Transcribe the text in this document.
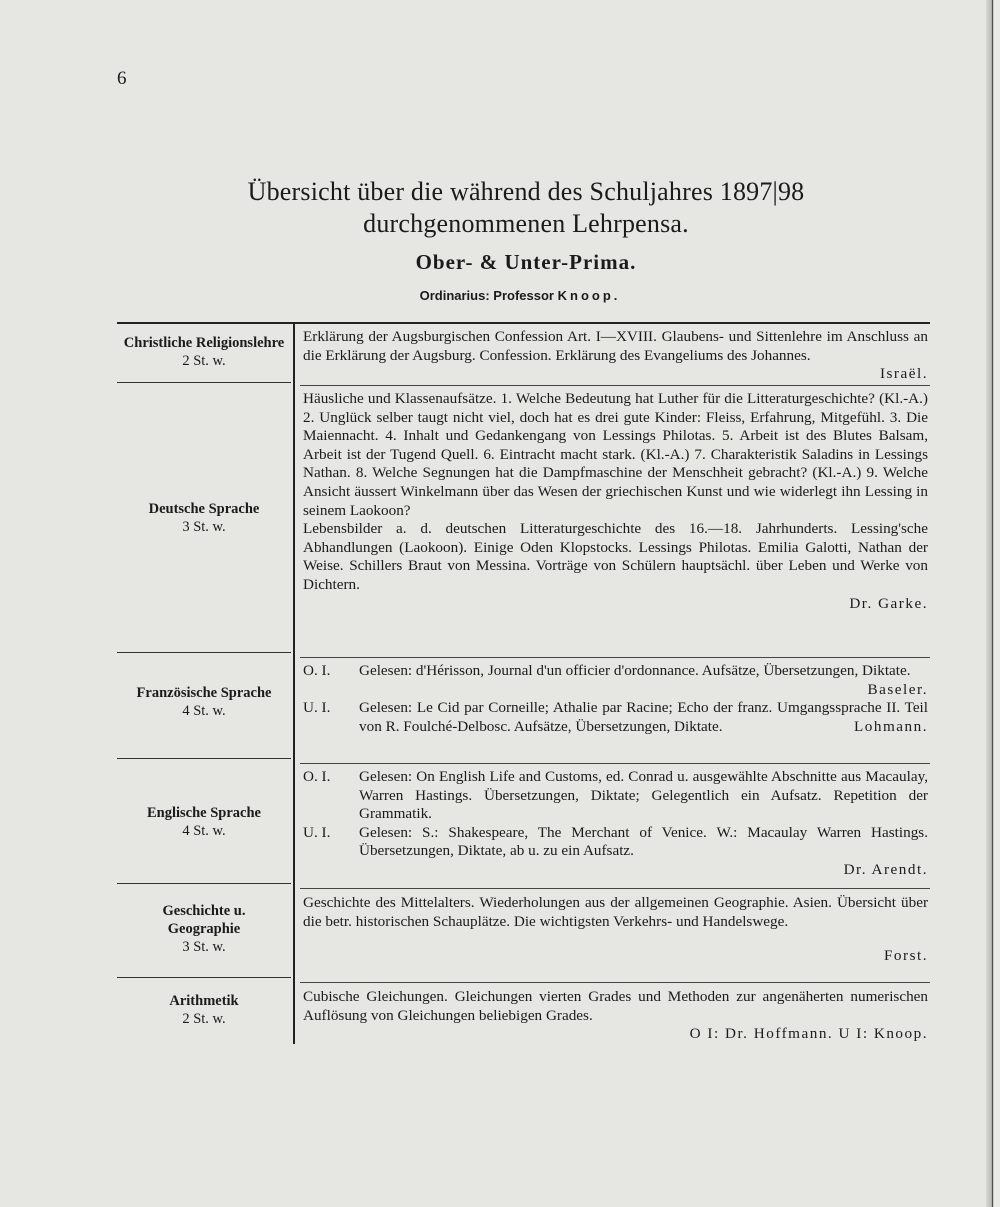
6
Übersicht über die während des Schuljahres 1897|98
durchgenommenen Lehrpensa.
Ober- & Unter-Prima.
Ordinarius: Professor Knoop.
Christliche Religionslehre
2 St. w.

Erklärung der Augsburgischen Confession Art. I—XVIII. Glaubens- und Sittenlehre im Anschluss an die Erklärung der Augsburg. Confession. Erklärung des Evangeliums des Johannes.

Israël.
Deutsche Sprache
3 St. w.

Häusliche und Klassenaufsätze. 1. Welche Bedeutung hat Luther für die Litteraturgeschichte? (Kl.-A.) 2. Unglück selber taugt nicht viel, doch hat es drei gute Kinder: Fleiss, Erfahrung, Mitgefühl. 3. Die Maiennacht. 4. Inhalt und Gedankengang von Lessings Philotas. 5. Arbeit ist des Blutes Balsam, Arbeit ist der Tugend Quell. 6. Eintracht macht stark. (Kl.-A.) 7. Charakteristik Saladins in Lessings Nathan. 8. Welche Segnungen hat die Dampfmaschine der Menschheit gebracht? (Kl.-A.) 9. Welche Ansicht äussert Winkelmann über das Wesen der griechischen Kunst und wie widerlegt ihn Lessing in seinem Laokoon?

Lebensbilder a. d. deutschen Litteraturgeschichte des 16.—18. Jahrhunderts. Lessing'sche Abhandlungen (Laokoon). Einige Oden Klopstocks. Lessings Philotas. Emilia Galotti, Nathan der Weise. Schillers Braut von Messina. Vorträge von Schülern hauptsächl. über Leben und Werke von Dichtern.

Dr. Garke.
Französische Sprache
4 St. w.
O. I. Gelesen: d'Hérisson, Journal d'un officier d'ordonnance. Aufsätze, Übersetzungen, Diktate.
Baseler.
U. I. Gelesen: Le Cid par Corneille; Athalie par Racine; Echo der franz. Umgangssprache II. Teil von R. Foulché-Delbosc. Aufsätze, Übersetzungen, Diktate.	Lohmann.
Englische Sprache
4 St. w.
O. I. Gelesen: On English Life and Customs, ed. Conrad u. ausgewählte Abschnitte aus Macaulay, Warren Hastings. Übersetzungen, Diktate; Gelegentlich ein Aufsatz. Repetition der Grammatik.
U. I. Gelesen: S.: Shakespeare, The Merchant of Venice. W.: Macaulay Warren Hastings. Übersetzungen, Diktate, ab u. zu ein Aufsatz.
Dr. Arendt.
Geschichte u.
Geographie
3 St. w.

Geschichte des Mittelalters. Wiederholungen aus der allgemeinen Geographie. Asien. Übersicht über die betr. historischen Schauplätze. Die wichtigsten Verkehrs- und Handelswege.

Forst.
Arithmetik
2 St. w.

Cubische Gleichungen. Gleichungen vierten Grades und Methoden zur angenäherten numerischen Auflösung von Gleichungen beliebigen Grades.

O I: Dr. Hoffmann. U I: Knoop.
